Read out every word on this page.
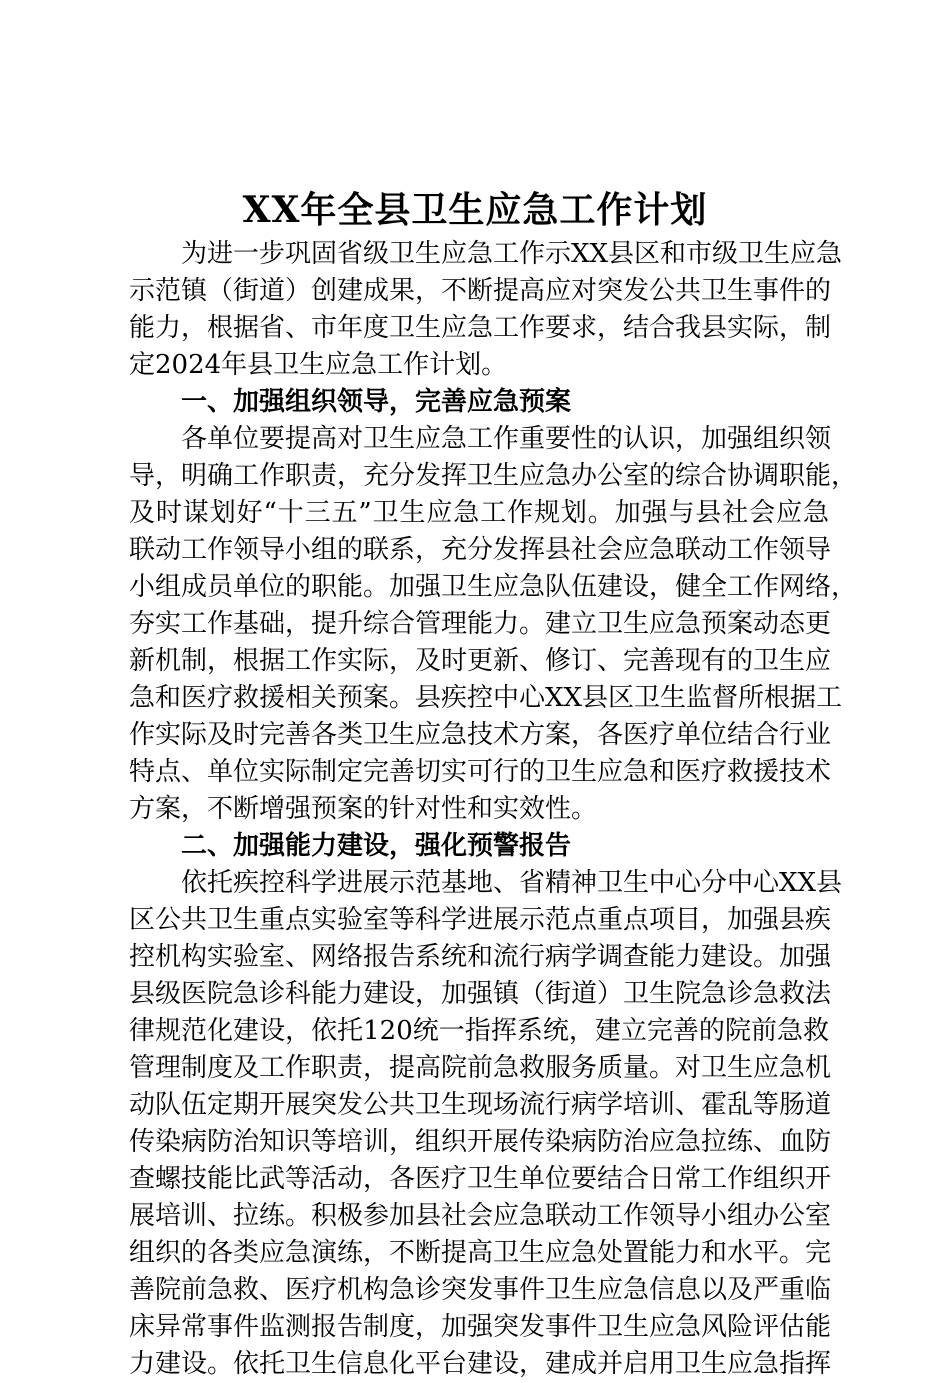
XX年全县卫生应急工作计划
为进一步巩固省级卫生应急工作示XX县区和市级卫生应急
示范镇（街道）创建成果，不断提高应对突发公共卫生事件的
能力，根据省、市年度卫生应急工作要求，结合我县实际，制
定2024年县卫生应急工作计划。
一、加强组织领导，完善应急预案
各单位要提高对卫生应急工作重要性的认识，加强组织领
导，明确工作职责，充分发挥卫生应急办公室的综合协调职能，
及时谋划好“十三五”卫生应急工作规划。加强与县社会应急
联动工作领导小组的联系，充分发挥县社会应急联动工作领导
小组成员单位的职能。加强卫生应急队伍建设，健全工作网络，
夯实工作基础，提升综合管理能力。建立卫生应急预案动态更
新机制，根据工作实际，及时更新、修订、完善现有的卫生应
急和医疗救援相关预案。县疾控中心XX县区卫生监督所根据工
作实际及时完善各类卫生应急技术方案，各医疗单位结合行业
特点、单位实际制定完善切实可行的卫生应急和医疗救援技术
方案，不断增强预案的针对性和实效性。
二、加强能力建设，强化预警报告
依托疾控科学进展示范基地、省精神卫生中心分中心XX县
区公共卫生重点实验室等科学进展示范点重点项目，加强县疾
控机构实验室、网络报告系统和流行病学调查能力建设。加强
县级医院急诊科能力建设，加强镇（街道）卫生院急诊急救法
律规范化建设，依托120统一指挥系统，建立完善的院前急救
管理制度及工作职责，提高院前急救服务质量。对卫生应急机
动队伍定期开展突发公共卫生现场流行病学培训、霍乱等肠道
传染病防治知识等培训，组织开展传染病防治应急拉练、血防
查螺技能比武等活动，各医疗卫生单位要结合日常工作组织开
展培训、拉练。积极参加县社会应急联动工作领导小组办公室
组织的各类应急演练，不断提高卫生应急处置能力和水平。完
善院前急救、医疗机构急诊突发事件卫生应急信息以及严重临
床异常事件监测报告制度，加强突发事件卫生应急风险评估能
力建设。依托卫生信息化平台建设，建成并启用卫生应急指挥
